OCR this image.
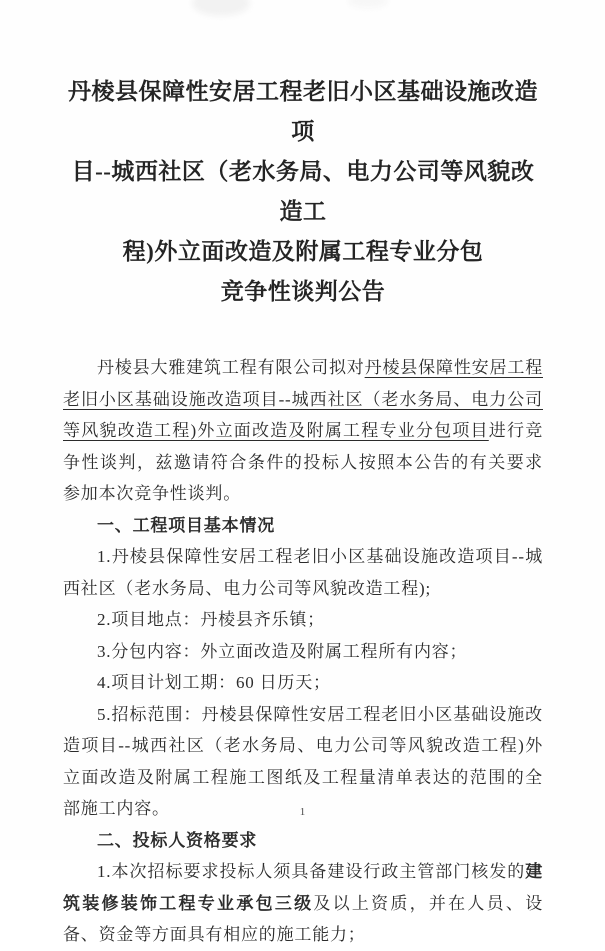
丹棱县保障性安居工程老旧小区基础设施改造项
目--城西社区（老水务局、电力公司等风貌改造工
程)外立面改造及附属工程专业分包
竞争性谈判公告

丹棱县大雅建筑工程有限公司拟对丹棱县保障性安居工程老旧小区基础设施改造项目--城西社区（老水务局、电力公司等风貌改造工程)外立面改造及附属工程专业分包项目进行竞争性谈判，兹邀请符合条件的投标人按照本公告的有关要求参加本次竞争性谈判。

一、工程项目基本情况

1.丹棱县保障性安居工程老旧小区基础设施改造项目--城西社区（老水务局、电力公司等风貌改造工程);

2.项目地点：丹棱县齐乐镇；

3.分包内容：外立面改造及附属工程所有内容；

4.项目计划工期：60 日历天；

5.招标范围：丹棱县保障性安居工程老旧小区基础设施改造项目--城西社区（老水务局、电力公司等风貌改造工程)外立面改造及附属工程施工图纸及工程量清单表达的范围的全部施工内容。

二、投标人资格要求

1.本次招标要求投标人须具备建设行政主管部门核发的建筑装修装饰工程专业承包三级及以上资质，并在人员、设备、资金等方面具有相应的施工能力；

1
